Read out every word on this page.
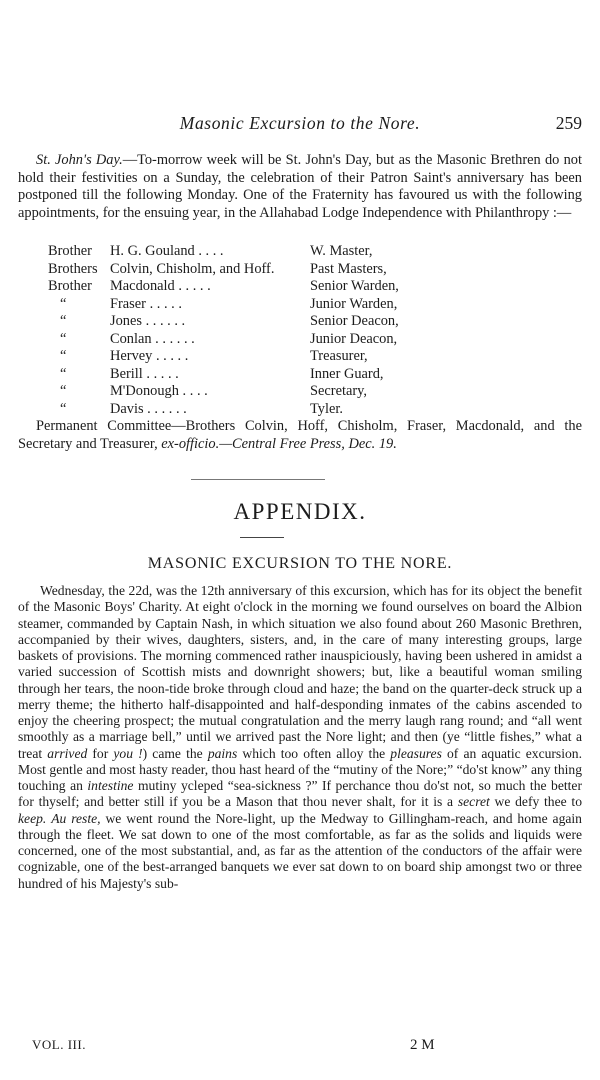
Masonic Excursion to the Nore.	259

St. John's Day.—To-morrow week will be St. John's Day, but as the Masonic Brethren do not hold their festivities on a Sunday, the celebration of their Patron Saint's anniversary has been postponed till the following Monday. One of the Fraternity has favoured us with the following appointments, for the ensuing year, in the Allahabad Lodge Independence with Philanthropy :—

Brother	H. G. Gouland . . . .	W. Master,
Brothers Colvin, Chisholm, and Hoff.	Past Masters,
Brother	Macdonald . . . . .	Senior Warden,
“	Fraser . . . . .	Junior Warden,
“	Jones . . . . . .	Senior Deacon,
“	Conlan . . . . . .	Junior Deacon,
“	Hervey . . . . .	Treasurer,
“	Berill . . . . .	Inner Guard,
“	M'Donough . . . .	Secretary,
“	Davis . . . . . .	Tyler.

Permanent Committee—Brothers Colvin, Hoff, Chisholm, Fraser, Macdonald, and the Secretary and Treasurer, ex-officio.—Central Free Press, Dec. 19.

APPENDIX.
MASONIC EXCURSION TO THE NORE.

Wednesday, the 22d, was the 12th anniversary of this excursion, which has for its object the benefit of the Masonic Boys' Charity. At eight o'clock in the morning we found ourselves on board the Albion steamer, commanded by Captain Nash, in which situation we also found about 260 Masonic Brethren, accompanied by their wives, daughters, sisters, and, in the care of many interesting groups, large baskets of provisions. The morning commenced rather inauspiciously, having been ushered in amidst a varied succession of Scottish mists and downright showers; but, like a beautiful woman smiling through her tears, the noon-tide broke through cloud and haze; the band on the quarter-deck struck up a merry theme; the hitherto half-disappointed and half-desponding inmates of the cabins ascended to enjoy the cheering prospect; the mutual congratulation and the merry laugh rang round; and “all went smoothly as a marriage bell,” until we arrived past the Nore light; and then (ye “little fishes,” what a treat arrived for you !) came the pains which too often alloy the pleasures of an aquatic excursion. Most gentle and most hasty reader, thou hast heard of the “mutiny of the Nore;” “do'st know” any thing touching an intestine mutiny ycleped “sea-sickness ?” If perchance thou do'st not, so much the better for thyself; and better still if you be a Mason that thou never shalt, for it is a secret we defy thee to keep. Au reste, we went round the Nore-light, up the Medway to Gillingham-reach, and home again through the fleet. We sat down to one of the most comfortable, as far as the solids and liquids were concerned, one of the most substantial, and, as far as the attention of the conductors of the affair were cognizable, one of the best-arranged banquets we ever sat down to on board ship amongst two or three hundred of his Majesty's sub-

VOL. III.	2 M
